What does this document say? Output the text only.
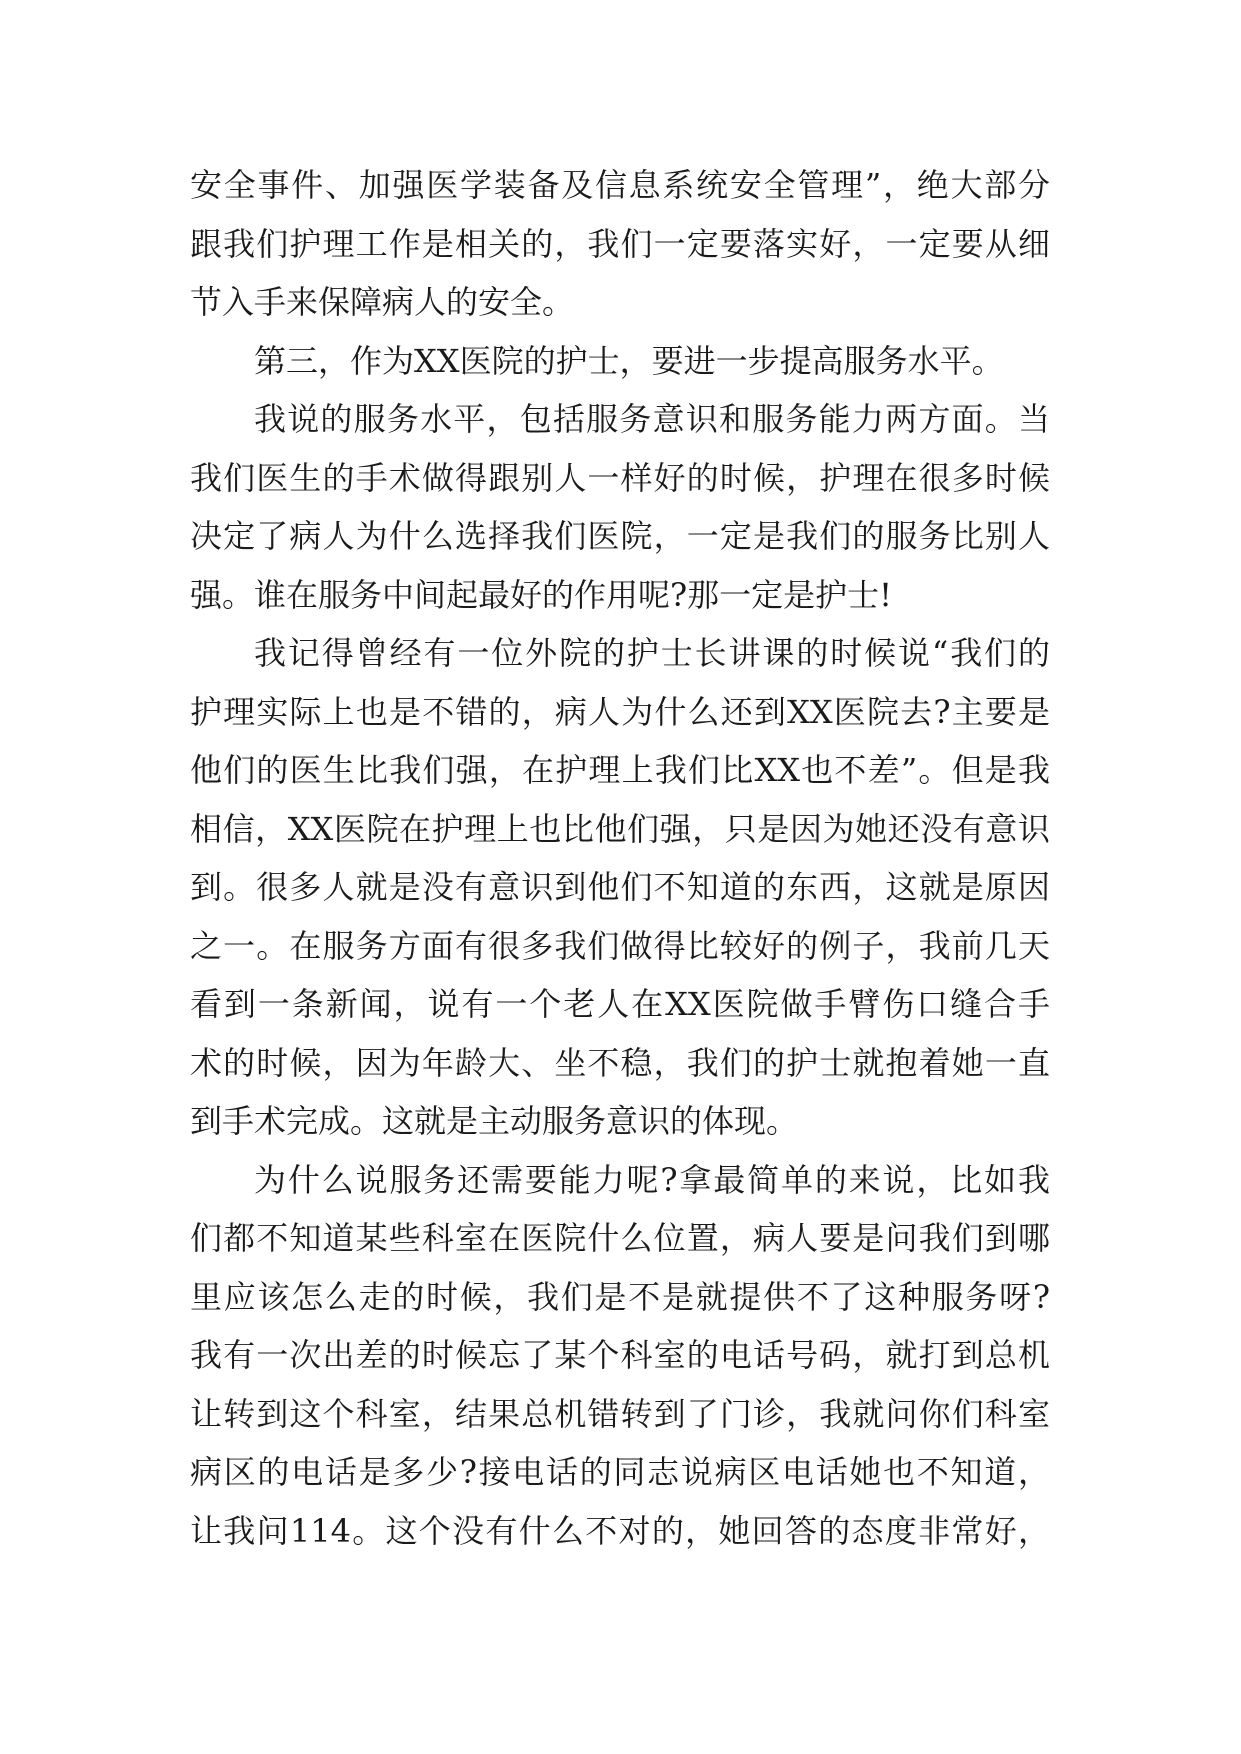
安全事件、加强医学装备及信息系统安全管理”，绝大部分
跟我们护理工作是相关的，我们一定要落实好，一定要从细
节入手来保障病人的安全。
第三，作为XX医院的护士，要进一步提高服务水平。
我说的服务水平，包括服务意识和服务能力两方面。当
我们医生的手术做得跟别人一样好的时候，护理在很多时候
决定了病人为什么选择我们医院，一定是我们的服务比别人
强。谁在服务中间起最好的作用呢?那一定是护士!
我记得曾经有一位外院的护士长讲课的时候说“我们的
护理实际上也是不错的，病人为什么还到XX医院去?主要是
他们的医生比我们强，在护理上我们比XX也不差”。但是我
相信，XX医院在护理上也比他们强，只是因为她还没有意识
到。很多人就是没有意识到他们不知道的东西，这就是原因
之一。在服务方面有很多我们做得比较好的例子，我前几天
看到一条新闻，说有一个老人在XX医院做手臂伤口缝合手
术的时候，因为年龄大、坐不稳，我们的护士就抱着她一直
到手术完成。这就是主动服务意识的体现。
为什么说服务还需要能力呢?拿最简单的来说，比如我
们都不知道某些科室在医院什么位置，病人要是问我们到哪
里应该怎么走的时候，我们是不是就提供不了这种服务呀?
我有一次出差的时候忘了某个科室的电话号码，就打到总机
让转到这个科室，结果总机错转到了门诊，我就问你们科室
病区的电话是多少?接电话的同志说病区电话她也不知道，
让我问114。这个没有什么不对的，她回答的态度非常好，
